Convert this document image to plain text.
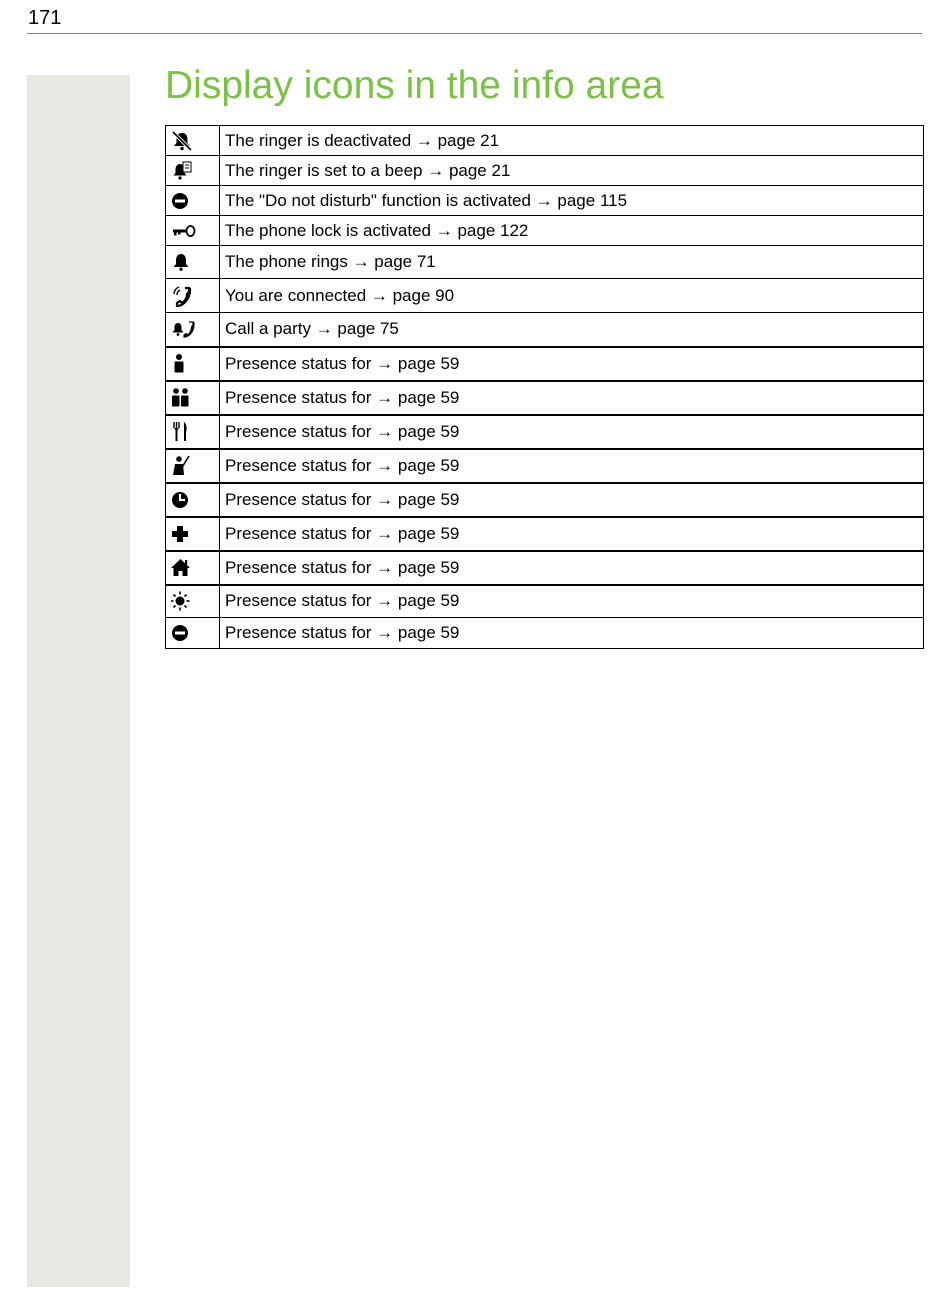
171
Display icons in the info area
	The ringer is deactivated → page 21

	The ringer is set to a beep → page 21

	The "Do not disturb" function is activated → page 115

	The phone lock is activated → page 122

	The phone rings → page 71

	You are connected → page 90

	Call a party → page 75

	Presence status for → page 59

	Presence status for → page 59

	Presence status for → page 59

	Presence status for → page 59

	Presence status for → page 59

	Presence status for → page 59

	Presence status for → page 59

	Presence status for → page 59

	Presence status for → page 59
